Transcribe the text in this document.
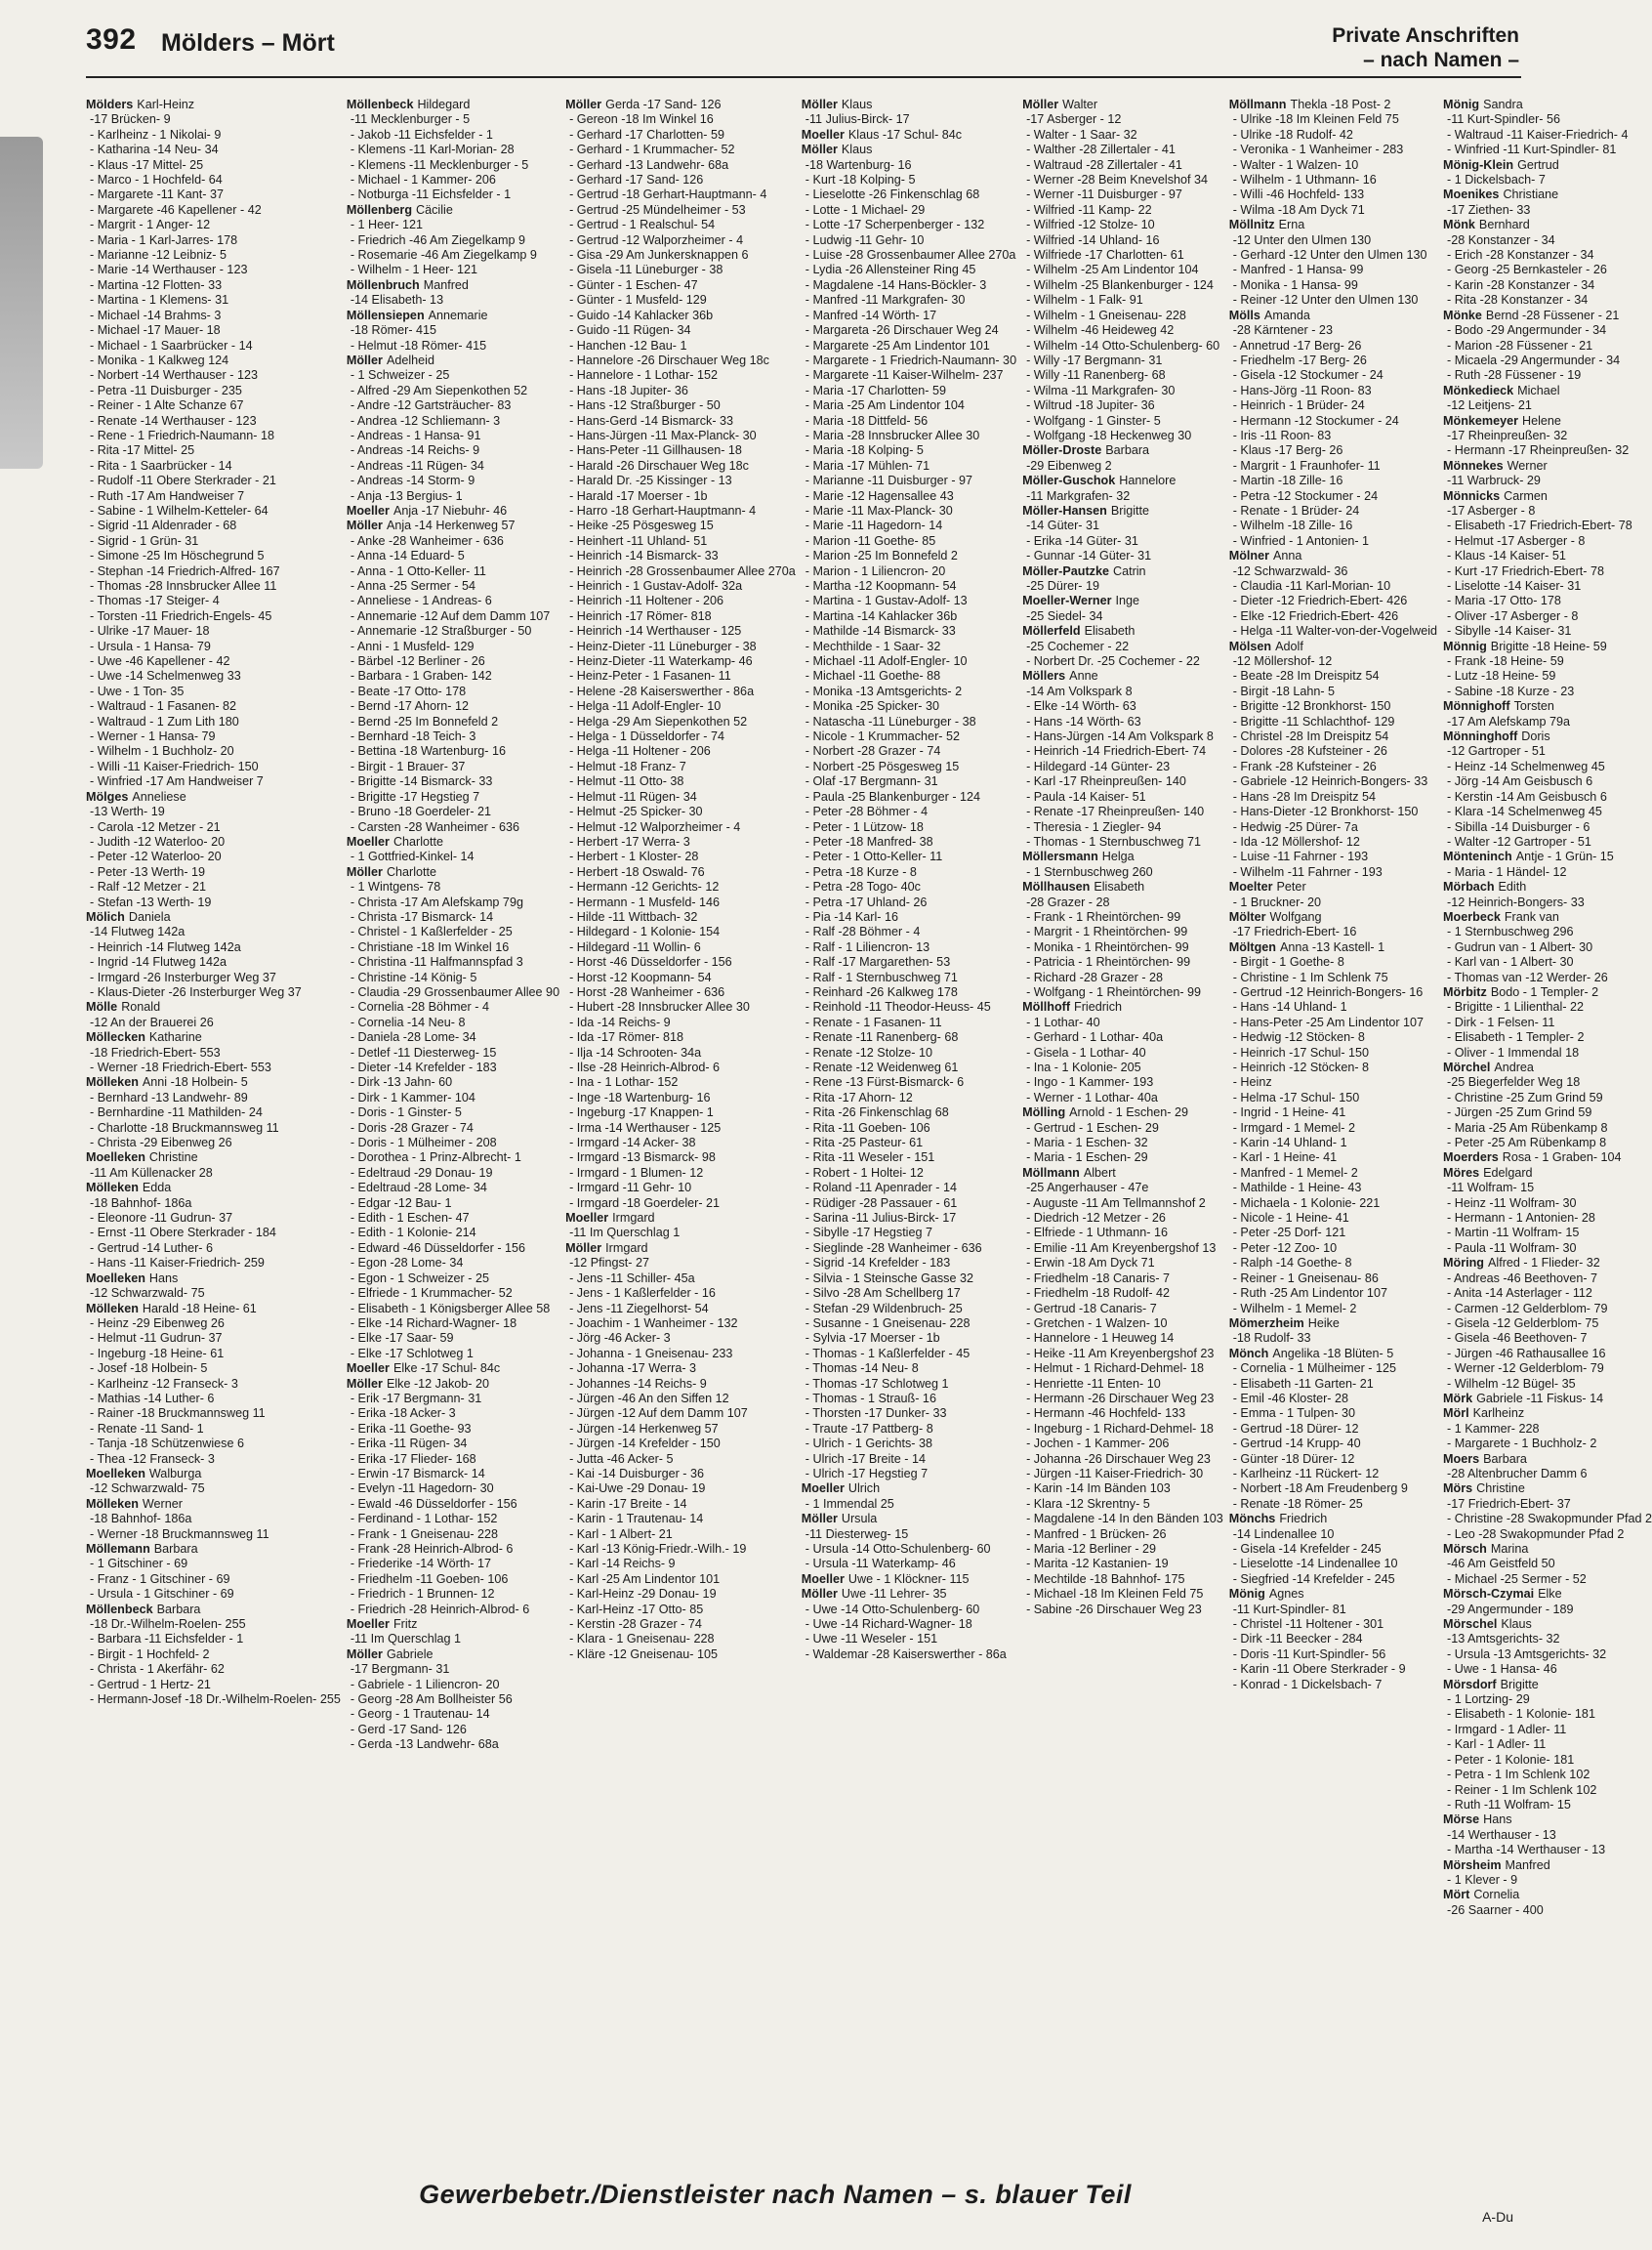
392 Mölders – Mört	Private Anschriften
– nach Namen –
Mölders Karl-Heinz
-17 Brücken- 9
- Karlheinz - 1 Nikolai- 9
- Katharina -14 Neu- 34
- Klaus -17 Mittel- 25
- Marco - 1 Hochfeld- 64
- Margarete -11 Kant- 37
- Margarete -46 Kapellener - 42
- Margrit - 1 Anger- 12
- Maria - 1 Karl-Jarres- 178
- Marianne -12 Leibniz- 5
- Marie -14 Werthauser - 123
- Martina -12 Flotten- 33
- Martina - 1 Klemens- 31
- Michael -14 Brahms- 3
- Michael -17 Mauer- 18
- Michael - 1 Saarbrücker - 14
- Monika - 1 Kalkweg 124
- Norbert -14 Werthauser - 123
- Petra -11 Duisburger - 235
- Reiner - 1 Alte Schanze 67
- Renate -14 Werthauser - 123
- Rene - 1 Friedrich-Naumann- 18
- Rita -17 Mittel- 25
- Rita - 1 Saarbrücker - 14
- Rudolf -11 Obere Sterkrader - 21
- Ruth -17 Am Handweiser 7
- Sabine - 1 Wilhelm-Ketteler- 64
- Sigrid -11 Aldenrader - 68
- Sigrid - 1 Grün- 31
- Simone -25 Im Höschegrund 5
- Stephan -14 Friedrich-Alfred- 167
- Thomas -28 Innsbrucker Allee 11
- Thomas -17 Steiger- 4
- Torsten -11 Friedrich-Engels- 45
- Ulrike -17 Mauer- 18
- Ursula - 1 Hansa- 79
- Uwe -46 Kapellener - 42
- Uwe -14 Schelmenweg 33
- Uwe - 1 Ton- 35
- Waltraud - 1 Fasanen- 82
- Waltraud - 1 Zum Lith 180
- Werner - 1 Hansa- 79
- Wilhelm - 1 Buchholz- 20
- Willi -11 Kaiser-Friedrich- 150
- Winfried -17 Am Handweiser 7
Mölges Anneliese
-13 Werth- 19
- Carola -12 Metzer - 21
- Judith -12 Waterloo- 20
- Peter -12 Waterloo- 20
- Peter -13 Werth- 19
- Ralf -12 Metzer - 21
- Stefan -13 Werth- 19
Mölich Daniela
-14 Flutweg 142a
- Heinrich -14 Flutweg 142a
- Ingrid -14 Flutweg 142a
- Irmgard -26 Insterburger Weg 37
- Klaus-Dieter -26 Insterburger Weg 37
Mölle Ronald
-12 An der Brauerei 26
Möllecken Katharine
-18 Friedrich-Ebert- 553
- Werner -18 Friedrich-Ebert- 553
Mölleken Anni -18 Holbein- 5
- Bernhard -13 Landwehr- 89
- Bernhardine -11 Mathilden- 24
- Charlotte -18 Bruckmannsweg 11
- Christa -29 Eibenweg 26
Moelleken Christine
-11 Am Küllenacker 28
Mölleken Edda
-18 Bahnhof- 186a
- Eleonore -11 Gudrun- 37
- Ernst -11 Obere Sterkrader - 184
- Gertrud -14 Luther- 6
- Hans -11 Kaiser-Friedrich- 259
Moelleken Hans
-12 Schwarzwald- 75
Mölleken Harald -18 Heine- 61
- Heinz -29 Eibenweg 26
- Helmut -11 Gudrun- 37
- Ingeburg -18 Heine- 61
- Josef -18 Holbein- 5
- Karlheinz -12 Franseck- 3
- Mathias -14 Luther- 6
- Rainer -18 Bruckmannsweg 11
- Renate -11 Sand- 1
- Tanja -18 Schützenwiese 6
- Thea -12 Franseck- 3
Moelleken Walburga
-12 Schwarzwald- 75
Mölleken Werner
-18 Bahnhof- 186a
- Werner -18 Bruckmannsweg 11
Möllemann Barbara
- 1 Gitschiner - 69
- Franz - 1 Gitschiner - 69
- Ursula - 1 Gitschiner - 69
Möllenbeck Barbara
-18 Dr.-Wilhelm-Roelen- 255
- Barbara -11 Eichsfelder - 1
- Birgit - 1 Hochfeld- 2
- Christa - 1 Akerfähr- 62
- Gertrud - 1 Hertz- 21
- Hermann-Josef -18 Dr.-Wilhelm-Roelen- 255
Möllenbeck Hildegard
-11 Mecklenburger - 5
- Jakob -11 Eichsfelder - 1
- Klemens -11 Karl-Morian- 28
- Klemens -11 Mecklenburger - 5
- Michael - 1 Kammer- 206
- Notburga -11 Eichsfelder - 1
Möllenberg Cäcilie
- 1 Heer- 121
- Friedrich -46 Am Ziegelkamp 9
- Rosemarie -46 Am Ziegelkamp 9
- Wilhelm - 1 Heer- 121
Möllenbruch Manfred
-14 Elisabeth- 13
Möllensiepen Annemarie
-18 Römer- 415
- Helmut -18 Römer- 415
Möller Adelheid
- 1 Schweizer - 25
- Alfred -29 Am Siepenkothen 52
- Andre -12 Gartsträucher- 83
- Andrea -12 Schliemann- 3
- Andreas - 1 Hansa- 91
- Andreas -14 Reichs- 9
- Andreas -11 Rügen- 34
- Andreas -14 Storm- 9
- Anja -13 Bergius- 1
Moeller Anja -17 Niebuhr- 46
Möller Anja -14 Herkenweg 57
- Anke -28 Wanheimer - 636
- Anna -14 Eduard- 5
- Anna - 1 Otto-Keller- 11
- Anna -25 Sermer - 54
- Anneliese - 1 Andreas- 6
- Annemarie -12 Auf dem Damm 107
- Annemarie -12 Straßburger - 50
- Anni - 1 Musfeld- 129
- Bärbel -12 Berliner - 26
- Barbara - 1 Graben- 142
- Beate -17 Otto- 178
- Bernd -17 Ahorn- 12
- Bernd -25 Im Bonnefeld 2
- Bernhard -18 Teich- 3
- Bettina -18 Wartenburg- 16
- Birgit - 1 Brauer- 37
- Brigitte -14 Bismarck- 33
- Brigitte -17 Hegstieg 7
- Bruno -18 Goerdeler- 21
- Carsten -28 Wanheimer - 636
Moeller Charlotte
- 1 Gottfried-Kinkel- 14
Möller Charlotte
- 1 Wintgens- 78
- Christa -17 Am Alefskamp 79g
- Christa -17 Bismarck- 14
- Christel - 1 Kaßlerfelder - 25
- Christiane -18 Im Winkel 16
- Christina -11 Halfmannspfad 3
- Christine -14 König- 5
- Claudia -29 Grossenbaumer Allee 90
- Cornelia -28 Böhmer - 4
- Cornelia -14 Neu- 8
- Daniela -28 Lome- 34
- Detlef -11 Diesterweg- 15
- Dieter -14 Krefelder - 183
- Dirk -13 Jahn- 60
- Dirk - 1 Kammer- 104
- Doris - 1 Ginster- 5
- Doris -28 Grazer - 74
- Doris - 1 Mülheimer - 208
- Dorothea - 1 Prinz-Albrecht- 1
- Edeltraud -29 Donau- 19
- Edeltraud -28 Lome- 34
- Edgar -12 Bau- 1
- Edith - 1 Eschen- 47
- Edith - 1 Kolonie- 214
- Edward -46 Düsseldorfer - 156
- Egon -28 Lome- 34
- Egon - 1 Schweizer - 25
- Elfriede - 1 Krummacher- 52
- Elisabeth - 1 Königsberger Allee 58
- Elke -14 Richard-Wagner- 18
- Elke -17 Saar- 59
- Elke -17 Schlotweg 1
Moeller Elke -17 Schul- 84c
Möller Elke -12 Jakob- 20
- Erik -17 Bergmann- 31
- Erika -18 Acker- 3
- Erika -11 Goethe- 93
- Erika -11 Rügen- 34
- Erika -17 Flieder- 168
- Erwin -17 Bismarck- 14
- Evelyn -11 Hagedorn- 30
- Ewald -46 Düsseldorfer - 156
- Ferdinand - 1 Lothar- 152
- Frank - 1 Gneisenau- 228
- Frank -28 Heinrich-Albrod- 6
- Friederike -14 Wörth- 17
- Friedhelm -11 Goeben- 106
- Friedrich - 1 Brunnen- 12
- Friedrich -28 Heinrich-Albrod- 6
Moeller Fritz
-11 Im Querschlag 1
Möller Gabriele
-17 Bergmann- 31
- Gabriele - 1 Liliencron- 20
- Georg -28 Am Bollheister 56
- Georg - 1 Trautenau- 14
- Gerd -17 Sand- 126
- Gerda -13 Landwehr- 68a
Möller Gerda -17 Sand- 126
- Gereon -18 Im Winkel 16
- Gerhard -17 Charlotten- 59
- Gerhard - 1 Krummacher- 52
- Gerhard -13 Landwehr- 68a
- Gerhard -17 Sand- 126
- Gertrud -18 Gerhart-Hauptmann- 4
- Gertrud -25 Mündelheimer - 53
- Gertrud - 1 Realschul- 54
- Gertrud -12 Walporzheimer - 4
- Gisa -29 Am Junkersknappen 6
- Gisela -11 Lüneburger - 38
- Günter - 1 Eschen- 47
- Günter - 1 Musfeld- 129
- Guido -14 Kahlacker 36b
- Guido -11 Rügen- 34
- Hanchen -12 Bau- 1
- Hannelore -26 Dirschauer Weg 18c
- Hannelore - 1 Lothar- 152
- Hans -18 Jupiter- 36
- Hans -12 Straßburger - 50
- Hans-Gerd -14 Bismarck- 33
- Hans-Jürgen -11 Max-Planck- 30
- Hans-Peter -11 Gillhausen- 18
- Harald -26 Dirschauer Weg 18c
- Harald Dr. -25 Kissinger - 13
- Harald -17 Moerser - 1b
- Harro -18 Gerhart-Hauptmann- 4
- Heike -25 Pösgesweg 15
- Heinhert -11 Uhland- 51
- Heinrich -14 Bismarck- 33
- Heinrich -28 Grossenbaumer Allee 270a
- Heinrich - 1 Gustav-Adolf- 32a
- Heinrich -11 Holtener - 206
- Heinrich -17 Römer- 818
- Heinrich -14 Werthauser - 125
- Heinz-Dieter -11 Lüneburger - 38
- Heinz-Dieter -11 Waterkamp- 46
- Heinz-Peter - 1 Fasanen- 11
- Helene -28 Kaiserswerther - 86a
- Helga -11 Adolf-Engler- 10
- Helga -29 Am Siepenkothen 52
- Helga - 1 Düsseldorfer - 74
- Helga -11 Holtener - 206
- Helmut -18 Franz- 7
- Helmut -11 Otto- 38
- Helmut -11 Rügen- 34
- Helmut -25 Spicker- 30
- Helmut -12 Walporzheimer - 4
- Herbert -17 Werra- 3
- Herbert - 1 Kloster- 28
- Herbert -18 Oswald- 76
- Hermann -12 Gerichts- 12
- Hermann - 1 Musfeld- 146
- Hilde -11 Wittbach- 32
- Hildegard - 1 Kolonie- 154
- Hildegard -11 Wollin- 6
- Horst -46 Düsseldorfer - 156
- Horst -12 Koopmann- 54
- Horst -28 Wanheimer - 636
- Hubert -28 Innsbrucker Allee 30
- Ida -14 Reichs- 9
- Ida -17 Römer- 818
- Ilja -14 Schrooten- 34a
- Ilse -28 Heinrich-Albrod- 6
- Ina - 1 Lothar- 152
- Inge -18 Wartenburg- 16
- Ingeburg -17 Knappen- 1
- Irma -14 Werthauser - 125
- Irmgard -14 Acker- 38
- Irmgard -13 Bismarck- 98
- Irmgard - 1 Blumen- 12
- Irmgard -11 Gehr- 10
- Irmgard -18 Goerdeler- 21
Moeller Irmgard
-11 Im Querschlag 1
Möller Irmgard
-12 Pfingst- 27
- Jens -11 Schiller- 45a
- Jens - 1 Kaßlerfelder - 16
- Jens -11 Ziegelhorst- 54
- Joachim - 1 Wanheimer - 132
- Jörg -46 Acker- 3
- Johanna - 1 Gneisenau- 233
- Johanna -17 Werra- 3
- Johannes -14 Reichs- 9
- Jürgen -46 An den Siffen 12
- Jürgen -12 Auf dem Damm 107
- Jürgen -14 Herkenweg 57
- Jürgen -14 Krefelder - 150
- Jutta -46 Acker- 5
- Kai -14 Duisburger - 36
- Kai-Uwe -29 Donau- 19
- Karin -17 Breite - 14
- Karin - 1 Trautenau- 14
- Karl - 1 Albert- 21
- Karl -13 König-Friedr.-Wilh.- 19
- Karl -14 Reichs- 9
- Karl -25 Am Lindentor 101
- Karl-Heinz -29 Donau- 19
- Karl-Heinz -17 Otto- 85
- Kerstin -28 Grazer - 74
- Klara - 1 Gneisenau- 228
- Kläre -12 Gneisenau- 105
Möller Klaus
-11 Julius-Birck- 17
Moeller Klaus -17 Schul- 84c
Möller Klaus
-18 Wartenburg- 16
- Kurt -18 Kolping- 5
- Lieselotte -26 Finkenschlag 68
- Lotte - 1 Michael- 29
- Lotte -17 Scherpenberger - 132
- Ludwig -11 Gehr- 10
- Luise -28 Grossenbaumer Allee 270a
- Lydia -26 Allensteiner Ring 45
- Magdalene -14 Hans-Böckler- 3
- Manfred -11 Markgrafen- 30
- Manfred -14 Wörth- 17
- Margareta -26 Dirschauer Weg 24
- Margarete -25 Am Lindentor 101
- Margarete - 1 Friedrich-Naumann- 30
- Margarete -11 Kaiser-Wilhelm- 237
- Maria -17 Charlotten- 59
- Maria -25 Am Lindentor 104
- Maria -18 Dittfeld- 56
- Maria -28 Innsbrucker Allee 30
- Maria -18 Kolping- 5
- Maria -17 Mühlen- 71
- Marianne -11 Duisburger - 97
- Marie -12 Hagensallee 43
- Marie -11 Max-Planck- 30
- Marie -11 Hagedorn- 14
- Marion -11 Goethe- 85
- Marion -25 Im Bonnefeld 2
- Marion - 1 Liliencron- 20
- Martha -12 Koopmann- 54
- Martina - 1 Gustav-Adolf- 13
- Martina -14 Kahlacker 36b
- Mathilde -14 Bismarck- 33
- Mechthilde - 1 Saar- 32
- Michael -11 Adolf-Engler- 10
- Michael -11 Goethe- 88
- Monika -13 Amtsgerichts- 2
- Monika -25 Spicker- 30
- Natascha -11 Lüneburger - 38
- Nicole - 1 Krummacher- 52
- Norbert -28 Grazer - 74
- Norbert -25 Pösgesweg 15
- Olaf -17 Bergmann- 31
- Paula -25 Blankenburger - 124
- Peter -28 Böhmer - 4
- Peter - 1 Lützow- 18
- Peter -18 Manfred- 38
- Peter - 1 Otto-Keller- 11
- Petra -18 Kurze - 8
- Petra -28 Togo- 40c
- Petra -17 Uhland- 26
- Pia -14 Karl- 16
- Ralf -28 Böhmer - 4
- Ralf - 1 Liliencron- 13
- Ralf -17 Margarethen- 53
- Ralf - 1 Sternbuschweg 71
- Reinhard -26 Kalkweg 178
- Reinhold -11 Theodor-Heuss- 45
- Renate - 1 Fasanen- 11
- Renate -11 Ranenberg- 68
- Renate -12 Stolze- 10
- Renate -12 Weidenweg 61
- Rene -13 Fürst-Bismarck- 6
- Rita -17 Ahorn- 12
- Rita -26 Finkenschlag 68
- Rita -11 Goeben- 106
- Rita -25 Pasteur- 61
- Rita -11 Weseler - 151
- Robert - 1 Holtei- 12
- Roland -11 Apenrader - 14
- Rüdiger -28 Passauer - 61
- Sarina -11 Julius-Birck- 17
- Sibylle -17 Hegstieg 7
- Sieglinde -28 Wanheimer - 636
- Sigrid -14 Krefelder - 183
- Silvia - 1 Steinsche Gasse 32
- Silvo -28 Am Schellberg 17
- Stefan -29 Wildenbruch- 25
- Susanne - 1 Gneisenau- 228
- Sylvia -17 Moerser - 1b
- Thomas - 1 Kaßlerfelder - 45
- Thomas -14 Neu- 8
- Thomas -17 Schlotweg 1
- Thomas - 1 Strauß- 16
- Thorsten -17 Dunker- 33
- Traute -17 Pattberg- 8
- Ulrich - 1 Gerichts- 38
- Ulrich -17 Breite - 14
- Ulrich -17 Hegstieg 7
Moeller Ulrich
- 1 Immendal 25
Möller Ursula
-11 Diesterweg- 15
- Ursula -14 Otto-Schulenberg- 60
- Ursula -11 Waterkamp- 46
Moeller Uwe - 1 Klöckner- 115
Möller Uwe -11 Lehrer- 35
- Uwe -14 Otto-Schulenberg- 60
- Uwe -14 Richard-Wagner- 18
- Uwe -11 Weseler - 151
- Waldemar -28 Kaiserswerther - 86a
Möller Walter
-17 Asberger - 12
- Walter - 1 Saar- 32
- Walther -28 Zillertaler - 41
- Waltraud -28 Zillertaler - 41
- Werner -28 Beim Knevelshof 34
- Werner -11 Duisburger - 97
- Wilfried -11 Kamp- 22
- Wilfried -12 Stolze- 10
- Wilfried -14 Uhland- 16
- Wilfriede -17 Charlotten- 61
- Wilhelm -25 Am Lindentor 104
- Wilhelm -25 Blankenburger - 124
- Wilhelm - 1 Falk- 91
- Wilhelm - 1 Gneisenau- 228
- Wilhelm -46 Heideweg 42
- Wilhelm -14 Otto-Schulenberg- 60
- Willy -17 Bergmann- 31
- Willy -11 Ranenberg- 68
- Wilma -11 Markgrafen- 30
- Wiltrud -18 Jupiter- 36
- Wolfgang - 1 Ginster- 5
- Wolfgang -18 Heckenweg 30
Möller-Droste Barbara
-29 Eibenweg 2
Möller-Guschok Hannelore
-11 Markgrafen- 32
Möller-Hansen Brigitte
-14 Güter- 31
- Erika -14 Güter- 31
- Gunnar -14 Güter- 31
Möller-Pautzke Catrin
-25 Dürer- 19
Moeller-Werner Inge
-25 Siedel- 34
Möllerfeld Elisabeth
-25 Cochemer - 22
- Norbert Dr. -25 Cochemer - 22
Möllers Anne
-14 Am Volkspark 8
- Elke -14 Wörth- 63
- Hans -14 Wörth- 63
- Hans-Jürgen -14 Am Volkspark 8
- Heinrich -14 Friedrich-Ebert- 74
- Hildegard -14 Günter- 23
- Karl -17 Rheinpreußen- 140
- Paula -14 Kaiser- 51
- Renate -17 Rheinpreußen- 140
- Theresia - 1 Ziegler- 94
- Thomas - 1 Sternbuschweg 71
Möllersmann Helga
- 1 Sternbuschweg 260
Möllhausen Elisabeth
-28 Grazer - 28
- Frank - 1 Rheintörchen- 99
- Margrit - 1 Rheintörchen- 99
- Monika - 1 Rheintörchen- 99
- Patricia - 1 Rheintörchen- 99
- Richard -28 Grazer - 28
- Wolfgang - 1 Rheintörchen- 99
Möllhoff Friedrich
- 1 Lothar- 40
- Gerhard - 1 Lothar- 40a
- Gisela - 1 Lothar- 40
- Ina - 1 Kolonie- 205
- Ingo - 1 Kammer- 193
- Werner - 1 Lothar- 40a
Mölling Arnold - 1 Eschen- 29
- Gertrud - 1 Eschen- 29
- Maria - 1 Eschen- 32
- Maria - 1 Eschen- 29
Möllmann Albert
-25 Angerhauser - 47e
- Auguste -11 Am Tellmannshof 2
- Diedrich -12 Metzer - 26
- Elfriede - 1 Uthmann- 16
- Emilie -11 Am Kreyenbergshof 13
- Erwin -18 Am Dyck 71
- Friedhelm -18 Canaris- 7
- Friedhelm -18 Rudolf- 42
- Gertrud -18 Canaris- 7
- Gretchen - 1 Walzen- 10
- Hannelore - 1 Heuweg 14
- Heike -11 Am Kreyenbergshof 23
- Helmut - 1 Richard-Dehmel- 18
- Henriette -11 Enten- 10
- Hermann -26 Dirschauer Weg 23
- Hermann -46 Hochfeld- 133
- Ingeburg - 1 Richard-Dehmel- 18
- Jochen - 1 Kammer- 206
- Johanna -26 Dirschauer Weg 23
- Jürgen -11 Kaiser-Friedrich- 30
- Karin -14 Im Bänden 103
- Klara -12 Skrentny- 5
- Magdalene -14 In den Bänden 103
- Manfred - 1 Brücken- 26
- Maria -12 Berliner - 29
- Marita -12 Kastanien- 19
- Mechtilde -18 Bahnhof- 175
- Michael -18 Im Kleinen Feld 75
- Sabine -26 Dirschauer Weg 23
Möllmann Thekla -18 Post- 2
- Ulrike -18 Im Kleinen Feld 75
- Ulrike -18 Rudolf- 42
- Veronika - 1 Wanheimer - 283
- Walter - 1 Walzen- 10
- Wilhelm - 1 Uthmann- 16
- Willi -46 Hochfeld- 133
- Wilma -18 Am Dyck 71
Möllnitz Erna
-12 Unter den Ulmen 130
- Gerhard -12 Unter den Ulmen 130
- Manfred - 1 Hansa- 99
- Monika - 1 Hansa- 99
- Reiner -12 Unter den Ulmen 130
Mölls Amanda
-28 Kärntener - 23
- Annetrud -17 Berg- 26
- Friedhelm -17 Berg- 26
- Gisela -12 Stockumer - 24
- Hans-Jörg -11 Roon- 83
- Heinrich - 1 Brüder- 24
- Hermann -12 Stockumer - 24
- Iris -11 Roon- 83
- Klaus -17 Berg- 26
- Margrit - 1 Fraunhofer- 11
- Martin -18 Zille- 16
- Petra -12 Stockumer - 24
- Renate - 1 Brüder- 24
- Wilhelm -18 Zille- 16
- Winfried - 1 Antonien- 1
Mölner Anna
-12 Schwarzwald- 36
- Claudia -11 Karl-Morian- 10
- Dieter -12 Friedrich-Ebert- 426
- Elke -12 Friedrich-Ebert- 426
- Helga -11 Walter-von-der-Vogelweid
Mölsen Adolf
-12 Möllershof- 12
- Beate -28 Im Dreispitz 54
- Birgit -18 Lahn- 5
- Brigitte -12 Bronkhorst- 150
- Brigitte -11 Schlachthof- 129
- Christel -28 Im Dreispitz 54
- Dolores -28 Kufsteiner - 26
- Frank -28 Kufsteiner - 26
- Gabriele -12 Heinrich-Bongers- 33
- Hans -28 Im Dreispitz 54
- Hans-Dieter -12 Bronkhorst- 150
- Hedwig -25 Dürer- 7a
- Ida -12 Möllershof- 12
- Luise -11 Fahrner - 193
- Wilhelm -11 Fahrner - 193
Moelter Peter
- 1 Bruckner- 20
Mölter Wolfgang
-17 Friedrich-Ebert- 16
Möltgen Anna -13 Kastell- 1
- Birgit - 1 Goethe- 8
- Christine - 1 Im Schlenk 75
- Gertrud -12 Heinrich-Bongers- 16
- Hans -14 Uhland- 1
- Hans-Peter -25 Am Lindentor 107
- Hedwig -12 Stöcken- 8
- Heinrich -17 Schul- 150
- Heinrich -12 Stöcken- 8
- Heinz
- Helma -17 Schul- 150
- Ingrid - 1 Heine- 41
- Irmgard - 1 Memel- 2
- Karin -14 Uhland- 1
- Karl - 1 Heine- 41
- Manfred - 1 Memel- 2
- Mathilde - 1 Heine- 43
- Michaela - 1 Kolonie- 221
- Nicole - 1 Heine- 41
- Peter -25 Dorf- 121
- Peter -12 Zoo- 10
- Ralph -14 Goethe- 8
- Reiner - 1 Gneisenau- 86
- Ruth -25 Am Lindentor 107
- Wilhelm - 1 Memel- 2
Mömerzheim Heike
-18 Rudolf- 33
Mönch Angelika -18 Blüten- 5
- Cornelia - 1 Mülheimer - 125
- Elisabeth -11 Garten- 21
- Emil -46 Kloster- 28
- Emma - 1 Tulpen- 30
- Gertrud -18 Dürer- 12
- Gertrud -14 Krupp- 40
- Günter -18 Dürer- 12
- Karlheinz -11 Rückert- 12
- Norbert -18 Am Freudenberg 9
- Renate -18 Römer- 25
Mönchs Friedrich
-14 Lindenallee 10
- Gisela -14 Krefelder - 245
- Lieselotte -14 Lindenallee 10
- Siegfried -14 Krefelder - 245
Mönig Agnes
-11 Kurt-Spindler- 81
- Christel -11 Holtener - 301
- Dirk -11 Beecker - 284
- Doris -11 Kurt-Spindler- 56
- Karin -11 Obere Sterkrader - 9
- Konrad - 1 Dickelsbach- 7
Mönig Sandra
-11 Kurt-Spindler- 56
- Waltraud -11 Kaiser-Friedrich- 4
- Winfried -11 Kurt-Spindler- 81
Mönig-Klein Gertrud
- 1 Dickelsbach- 7
Moenikes Christiane
-17 Ziethen- 33
Mönk Bernhard
-28 Konstanzer - 34
- Erich -28 Konstanzer - 34
- Georg -25 Bernkasteler - 26
- Karin -28 Konstanzer - 34
- Rita -28 Konstanzer - 34
Mönke Bernd -28 Füssener - 21
- Bodo -29 Angermunder - 34
- Marion -28 Füssener - 21
- Micaela -29 Angermunder - 34
- Ruth -28 Füssener - 19
Mönkedieck Michael
-12 Leitjens- 21
Mönkemeyer Helene
-17 Rheinpreußen- 32
- Hermann -17 Rheinpreußen- 32
Mönnekes Werner
-11 Warbruck- 29
Mönnicks Carmen
-17 Asberger - 8
- Elisabeth -17 Friedrich-Ebert- 78
- Helmut -17 Asberger - 8
- Klaus -14 Kaiser- 51
- Kurt -17 Friedrich-Ebert- 78
- Liselotte -14 Kaiser- 31
- Maria -17 Otto- 178
- Oliver -17 Asberger - 8
- Sibylle -14 Kaiser- 31
Mönnig Brigitte -18 Heine- 59
- Frank -18 Heine- 59
- Lutz -18 Heine- 59
- Sabine -18 Kurze - 23
Mönnighoff Torsten
-17 Am Alefskamp 79a
Mönninghoff Doris
-12 Gartroper - 51
- Heinz -14 Schelmenweg 45
- Jörg -14 Am Geisbusch 6
- Kerstin -14 Am Geisbusch 6
- Klara -14 Schelmenweg 45
- Sibilla -14 Duisburger - 6
- Walter -12 Gartroper - 51
Mönteninch Antje - 1 Grün- 15
- Maria - 1 Händel- 12
Mörbach Edith
-12 Heinrich-Bongers- 33
Moerbeck Frank van
- 1 Sternbuschweg 296
- Gudrun van - 1 Albert- 30
- Karl van - 1 Albert- 30
- Thomas van -12 Werder- 26
Mörbitz Bodo - 1 Templer- 2
- Brigitte - 1 Lilienthal- 22
- Dirk - 1 Felsen- 11
- Elisabeth - 1 Templer- 2
- Oliver - 1 Immendal 18
Mörchel Andrea
-25 Biegerfelder Weg 18
- Christine -25 Zum Grind 59
- Jürgen -25 Zum Grind 59
- Maria -25 Am Rübenkamp 8
- Peter -25 Am Rübenkamp 8
Moerders Rosa - 1 Graben- 104
Möres Edelgard
-11 Wolfram- 15
- Heinz -11 Wolfram- 30
- Hermann - 1 Antonien- 28
- Martin -11 Wolfram- 15
- Paula -11 Wolfram- 30
Möring Alfred - 1 Flieder- 32
- Andreas -46 Beethoven- 7
- Anita -14 Asterlager - 112
- Carmen -12 Gelderblom- 79
- Gisela -12 Gelderblom- 75
- Gisela -46 Beethoven- 7
- Jürgen -46 Rathausallee 16
- Werner -12 Gelderblom- 79
- Wilhelm -12 Bügel- 35
Mörk Gabriele -11 Fiskus- 14
Mörl Karlheinz
- 1 Kammer- 228
- Margarete - 1 Buchholz- 2
Moers Barbara
-28 Altenbrucher Damm 6
Mörs Christine
-17 Friedrich-Ebert- 37
- Christine -28 Swakopmunder Pfad 2
- Leo -28 Swakopmunder Pfad 2
Mörsch Marina
-46 Am Geistfeld 50
- Michael -25 Sermer - 52
Mörsch-Czymai Elke
-29 Angermunder - 189
Mörschel Klaus
-13 Amtsgerichts- 32
- Ursula -13 Amtsgerichts- 32
- Uwe - 1 Hansa- 46
Mörsdorf Brigitte
- 1 Lortzing- 29
- Elisabeth - 1 Kolonie- 181
- Irmgard - 1 Adler- 11
- Karl - 1 Adler- 11
- Peter - 1 Kolonie- 181
- Petra - 1 Im Schlenk 102
- Reiner - 1 Im Schlenk 102
- Ruth -11 Wolfram- 15
Mörse Hans
-14 Werthauser - 13
- Martha -14 Werthauser - 13
Mörsheim Manfred
- 1 Klever - 9
Mört Cornelia
-26 Saarner - 400
Gewerbebetr./Dienstleister nach Namen – s. blauer Teil
A-Du
